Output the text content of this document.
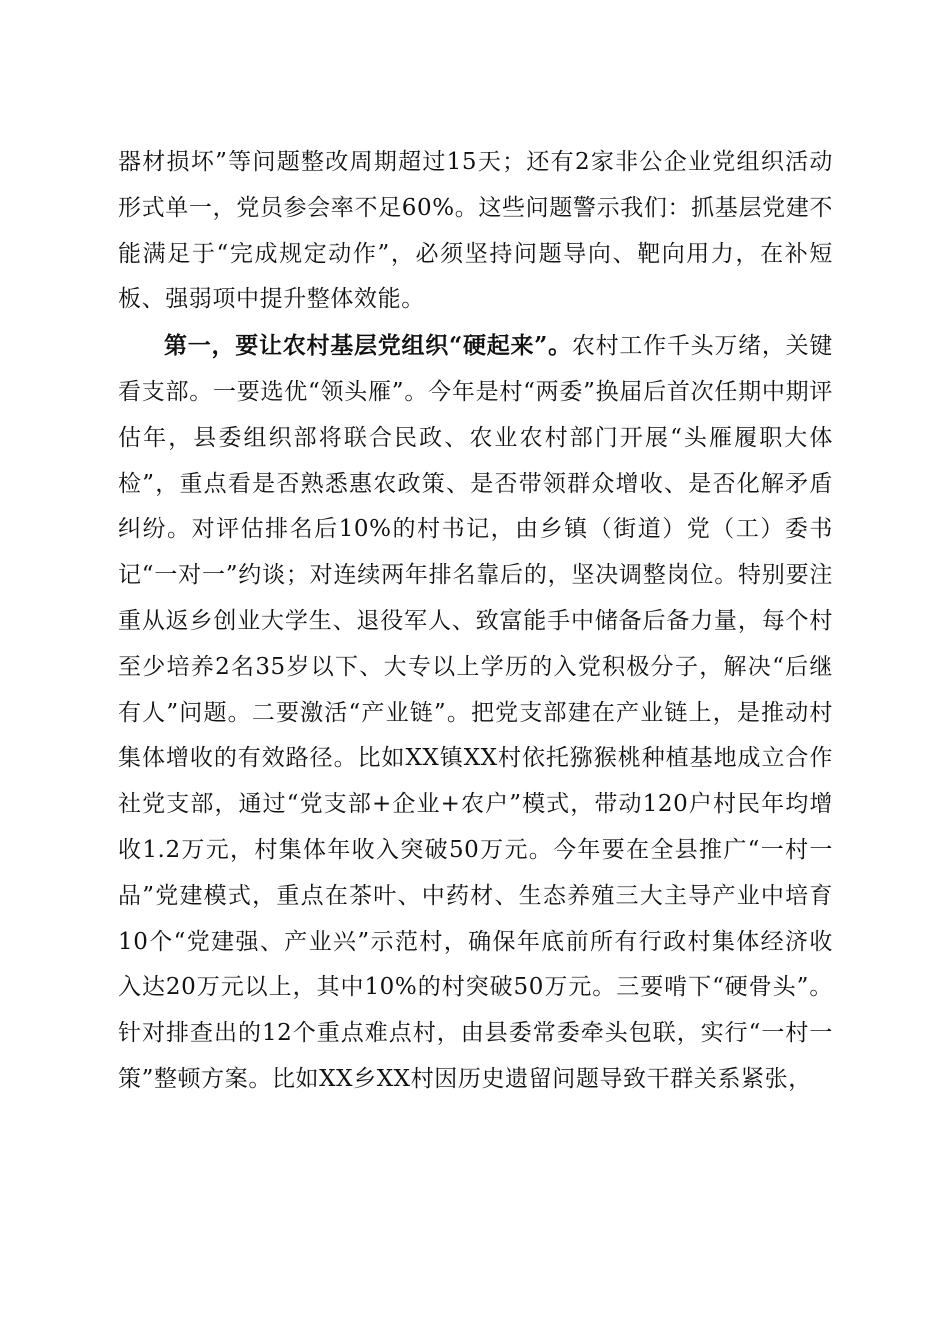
器材损坏”等问题整改周期超过15天；还有2家非公企业党组织活动形式单一，党员参会率不足60%。这些问题警示我们：抓基层党建不能满足于“完成规定动作”，必须坚持问题导向、靶向用力，在补短板、强弱项中提升整体效能。

第一，要让农村基层党组织“硬起来”。农村工作千头万绪，关键看支部。一要选优“领头雁”。今年是村“两委”换届后首次任期中期评估年，县委组织部将联合民政、农业农村部门开展“头雁履职大体检”，重点看是否熟悉惠农政策、是否带领群众增收、是否化解矛盾纠纷。对评估排名后10%的村书记，由乡镇（街道）党（工）委书记“一对一”约谈；对连续两年排名靠后的，坚决调整岗位。特别要注重从返乡创业大学生、退役军人、致富能手中储备后备力量，每个村至少培养2名35岁以下、大专以上学历的入党积极分子，解决“后继有人”问题。二要激活“产业链”。把党支部建在产业链上，是推动村集体增收的有效路径。比如XX镇XX村依托猕猴桃种植基地成立合作社党支部，通过“党支部+企业+农户”模式，带动120户村民年均增收1.2万元，村集体年收入突破50万元。今年要在全县推广“一村一品”党建模式，重点在茶叶、中药材、生态养殖三大主导产业中培育10个“党建强、产业兴”示范村，确保年底前所有行政村集体经济收入达20万元以上，其中10%的村突破50万元。三要啃下“硬骨头”。针对排查出的12个重点难点村，由县委常委牵头包联，实行“一村一策”整顿方案。比如XX乡XX村因历史遗留问题导致干群关系紧张，
